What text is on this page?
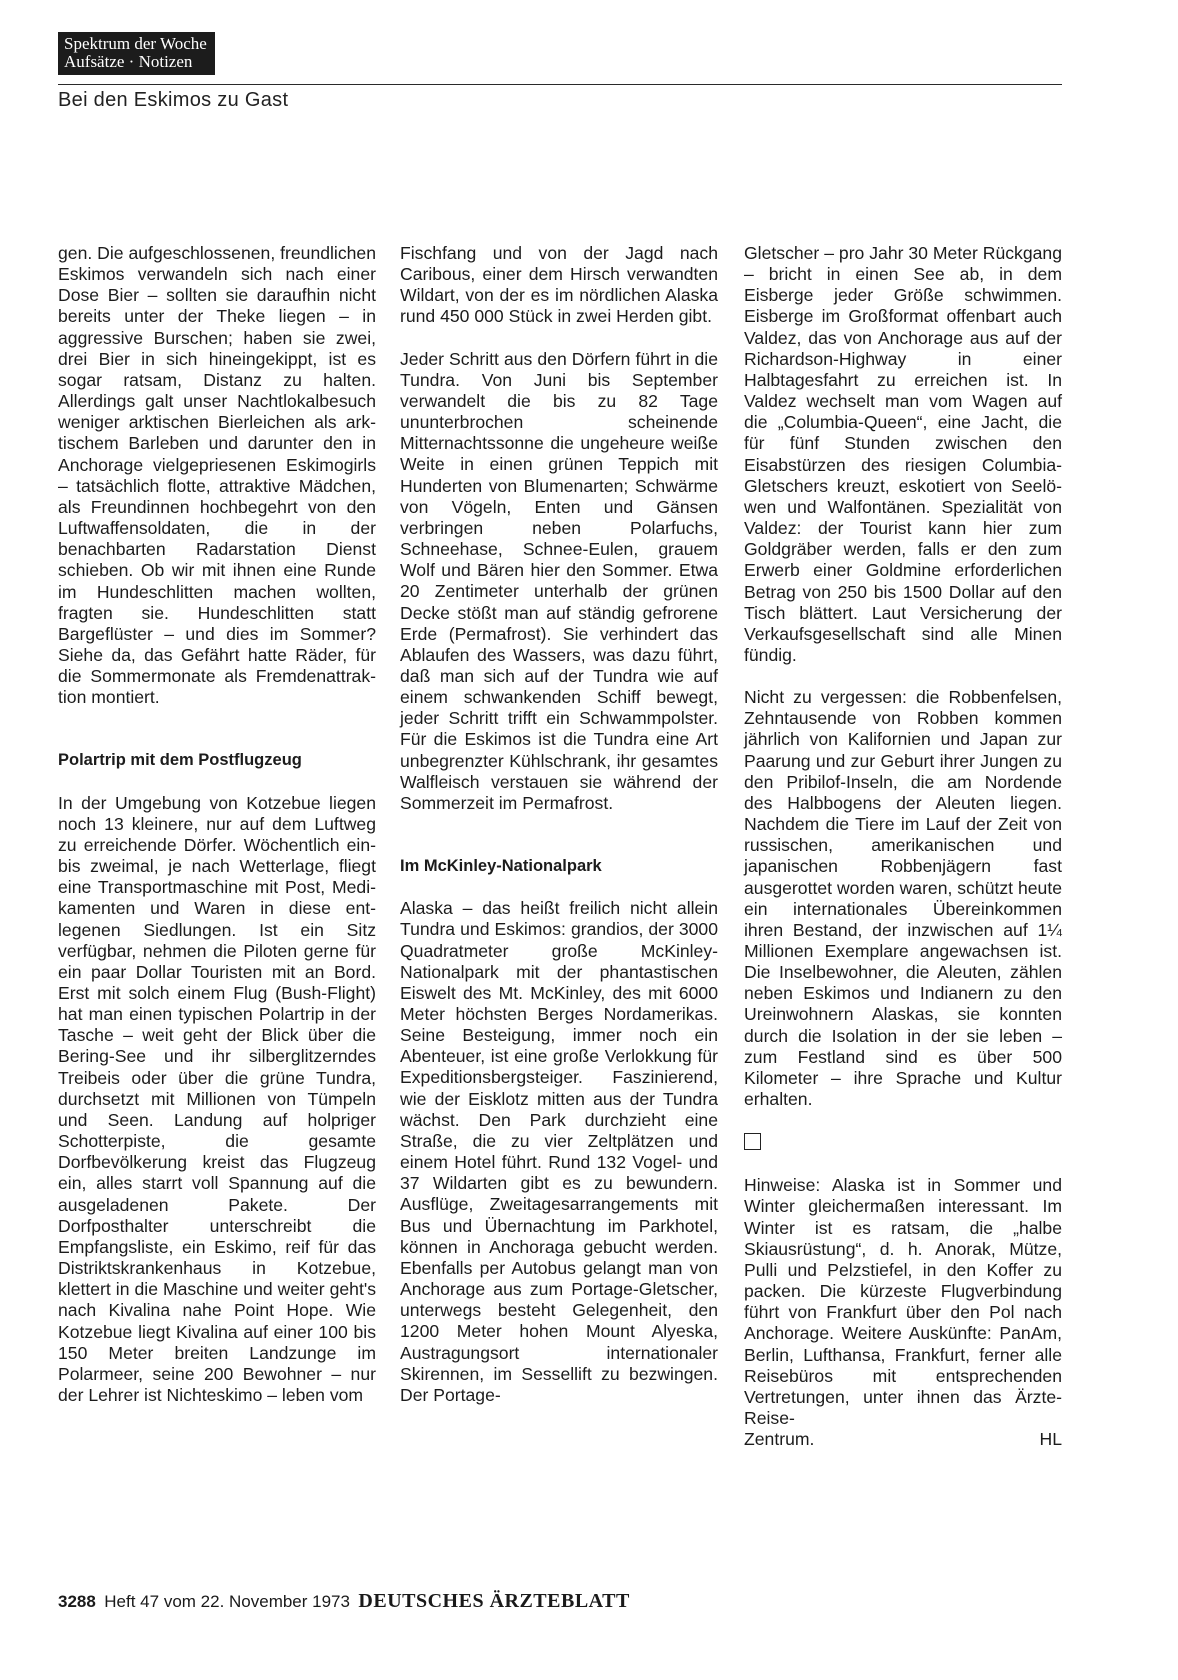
Spektrum der Woche
Aufsätze · Notizen
Bei den Eskimos zu Gast

gen. Die aufgeschlossenen, freundlichen Eskimos verwandeln sich nach einer Dose Bier – sollten sie daraufhin nicht bereits unter der Theke liegen – in aggressive Burschen; haben sie zwei, drei Bier in sich hineingekippt, ist es sogar ratsam, Distanz zu halten. Allerdings galt unser Nachtlokalbesuch weniger arktischen Bierleichen als arktischem Barleben und darunter den in Anchorage vielgepriesenen Eskimogirls – tatsächlich flotte, attraktive Mädchen, als Freundinnen hochbegehrt von den Luftwaffensoldaten, die in der benachbarten Radarstation Dienst schieben. Ob wir mit ihnen eine Runde im Hundeschlitten machen wollten, fragten sie. Hundeschlitten statt Bargeflüster – und dies im Sommer? Siehe da, das Gefährt hatte Räder, für die Sommermonate als Fremdenattraktion montiert.

Polartrip mit dem Postflugzeug

In der Umgebung von Kotzebue liegen noch 13 kleinere, nur auf dem Luftweg zu erreichende Dörfer. Wöchentlich ein- bis zweimal, je nach Wetterlage, fliegt eine Transportmaschine mit Post, Medikamenten und Waren in diese entlegenen Siedlungen. Ist ein Sitz verfügbar, nehmen die Piloten gerne für ein paar Dollar Touristen mit an Bord. Erst mit solch einem Flug (Bush-Flight) hat man einen typischen Polartrip in der Tasche – weit geht der Blick über die Bering-See und ihr silberglitzerndes Treibeis oder über die grüne Tundra, durchsetzt mit Millionen von Tümpeln und Seen. Landung auf holpriger Schotterpiste, die gesamte Dorfbevölkerung kreist das Flugzeug ein, alles starrt voll Spannung auf die ausgeladenen Pakete. Der Dorfposthalter unterschreibt die Empfangsliste, ein Eskimo, reif für das Distriktskrankenhaus in Kotzebue, klettert in die Maschine und weiter geht's nach Kivalina nahe Point Hope. Wie Kotzebue liegt Kivalina auf einer 100 bis 150 Meter breiten Landzunge im Polarmeer, seine 200 Bewohner – nur der Lehrer ist Nichteskimo – leben vom

Fischfang und von der Jagd nach Caribous, einer dem Hirsch verwandten Wildart, von der es im nördlichen Alaska rund 450 000 Stück in zwei Herden gibt.

Jeder Schritt aus den Dörfern führt in die Tundra. Von Juni bis September verwandelt die bis zu 82 Tage ununterbrochen scheinende Mitternachtssonne die ungeheure weiße Weite in einen grünen Teppich mit Hunderten von Blumenarten; Schwärme von Vögeln, Enten und Gänsen verbringen neben Polarfuchs, Schneehase, Schnee-Eulen, grauem Wolf und Bären hier den Sommer. Etwa 20 Zentimeter unterhalb der grünen Decke stößt man auf ständig gefrorene Erde (Permafrost). Sie verhindert das Ablaufen des Wassers, was dazu führt, daß man sich auf der Tundra wie auf einem schwankenden Schiff bewegt, jeder Schritt trifft ein Schwammpolster. Für die Eskimos ist die Tundra eine Art unbegrenzter Kühlschrank, ihr gesamtes Walfleisch verstauen sie während der Sommerzeit im Permafrost.

Im McKinley-Nationalpark

Alaska – das heißt freilich nicht allein Tundra und Eskimos: grandios, der 3000 Quadratmeter große McKinley-Nationalpark mit der phantastischen Eiswelt des Mt. McKinley, des mit 6000 Meter höchsten Berges Nordamerikas. Seine Besteigung, immer noch ein Abenteuer, ist eine große Verlokkung für Expeditionsbergsteiger. Faszinierend, wie der Eisklotz mitten aus der Tundra wächst. Den Park durchzieht eine Straße, die zu vier Zeltplätzen und einem Hotel führt. Rund 132 Vogel- und 37 Wildarten gibt es zu bewundern. Ausflüge, Zweitagesarrangements mit Bus und Übernachtung im Parkhotel, können in Anchoraga gebucht werden. Ebenfalls per Autobus gelangt man von Anchorage aus zum Portage-Gletscher, unterwegs besteht Gelegenheit, den 1200 Meter hohen Mount Alyeska, Austragungsort internationaler Skirennen, im Sessellift zu bezwingen. Der Portage-

Gletscher – pro Jahr 30 Meter Rückgang – bricht in einen See ab, in dem Eisberge jeder Größe schwimmen. Eisberge im Großformat offenbart auch Valdez, das von Anchorage aus auf der Richardson-Highway in einer Halbtagesfahrt zu erreichen ist. In Valdez wechselt man vom Wagen auf die „Columbia-Queen“, eine Jacht, die für fünf Stunden zwischen den Eisabstürzen des riesigen Columbia-Gletschers kreuzt, eskotiert von Seelöwen und Walfontänen. Spezialität von Valdez: der Tourist kann hier zum Goldgräber werden, falls er den zum Erwerb einer Goldmine erforderlichen Betrag von 250 bis 1500 Dollar auf den Tisch blättert. Laut Versicherung der Verkaufsgesellschaft sind alle Minen fündig.

Nicht zu vergessen: die Robbenfelsen, Zehntausende von Robben kommen jährlich von Kalifornien und Japan zur Paarung und zur Geburt ihrer Jungen zu den Pribilof-Inseln, die am Nordende des Halbbogens der Aleuten liegen. Nachdem die Tiere im Lauf der Zeit von russischen, amerikanischen und japanischen Robbenjägern fast ausgerottet worden waren, schützt heute ein internationales Übereinkommen ihren Bestand, der inzwischen auf 1¼ Millionen Exemplare angewachsen ist. Die Inselbewohner, die Aleuten, zählen neben Eskimos und Indianern zu den Ureinwohnern Alaskas, sie konnten durch die Isolation in der sie leben – zum Festland sind es über 500 Kilometer – ihre Sprache und Kultur erhalten.

Hinweise: Alaska ist in Sommer und Winter gleichermaßen interessant. Im Winter ist es ratsam, die „halbe Skiausrüstung“, d. h. Anorak, Mütze, Pulli und Pelzstiefel, in den Koffer zu packen. Die kürzeste Flugverbindung führt von Frankfurt über den Pol nach Anchorage. Weitere Auskünfte: PanAm, Berlin, Lufthansa, Frankfurt, ferner alle Reisebüros mit entsprechenden Vertretungen, unter ihnen das Ärzte-Reise-

Zentrum.	HL
3288 Heft 47 vom 22. November 1973 DEUTSCHES ÄRZTEBLATT
